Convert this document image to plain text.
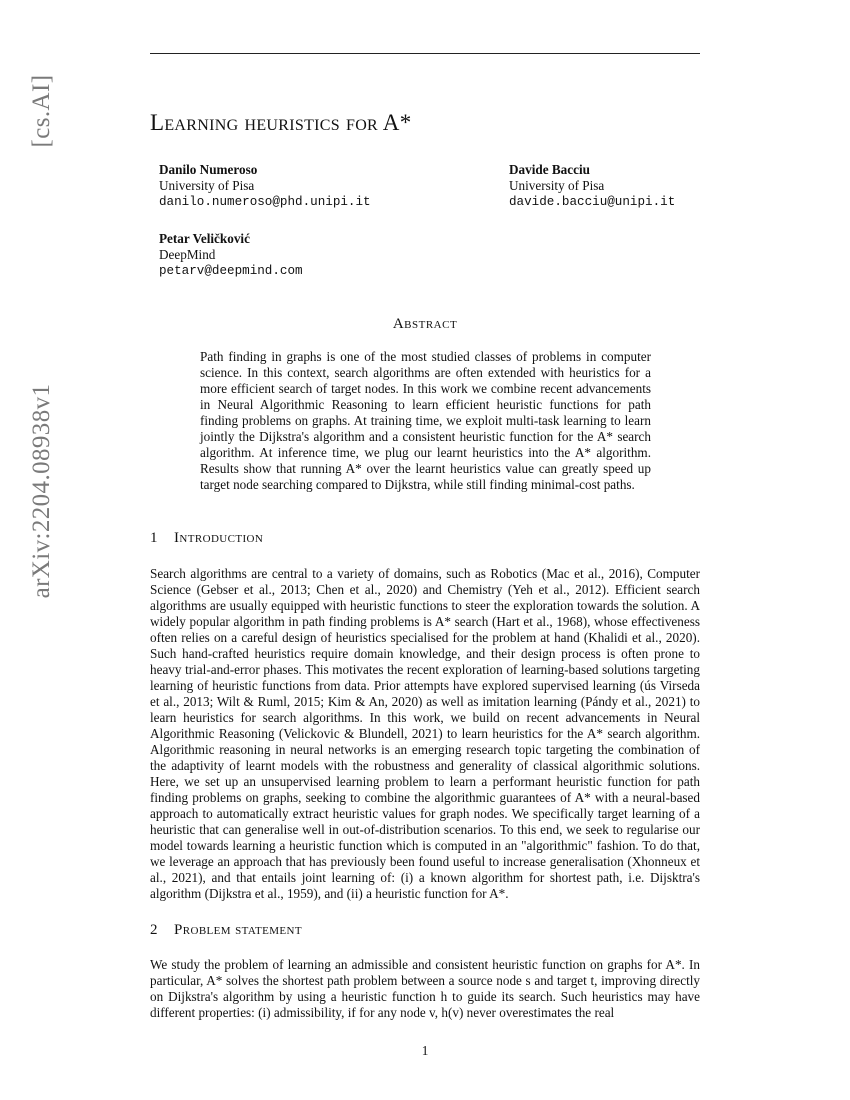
arXiv:2204.08938v1[cs.AI]	Learning heuristics for A*
Danilo Numeroso
University of Pisa
danilo.numeroso@phd.unipi.it
Davide Bacciu
University of Pisa
davide.bacciu@unipi.it
Petar Veličković
DeepMind
petarv@deepmind.com
Abstract
Path finding in graphs is one of the most studied classes of problems in computer science. In this context, search algorithms are often extended with heuristics for a more efficient search of target nodes. In this work we combine recent advancements in Neural Algorithmic Reasoning to learn efficient heuristic functions for path finding problems on graphs. At training time, we exploit multi-task learning to learn jointly the Dijkstra's algorithm and a consistent heuristic function for the A* search algorithm. At inference time, we plug our learnt heuristics into the A* algorithm. Results show that running A* over the learnt heuristics value can greatly speed up target node searching compared to Dijkstra, while still finding minimal-cost paths.
1 Introduction
Search algorithms are central to a variety of domains, such as Robotics (Mac et al., 2016), Computer Science (Gebser et al., 2013; Chen et al., 2020) and Chemistry (Yeh et al., 2012). Efficient search algorithms are usually equipped with heuristic functions to steer the exploration towards the solution. A widely popular algorithm in path finding problems is A* search (Hart et al., 1968), whose effectiveness often relies on a careful design of heuristics specialised for the problem at hand (Khalidi et al., 2020). Such hand-crafted heuristics require domain knowledge, and their design process is often prone to heavy trial-and-error phases. This motivates the recent exploration of learning-based solutions targeting learning of heuristic functions from data. Prior attempts have explored supervised learning (ús Virseda et al., 2013; Wilt & Ruml, 2015; Kim & An, 2020) as well as imitation learning (Pándy et al., 2021) to learn heuristics for search algorithms. In this work, we build on recent advancements in Neural Algorithmic Reasoning (Velickovic & Blundell, 2021) to learn heuristics for the A* search algorithm. Algorithmic reasoning in neural networks is an emerging research topic targeting the combination of the adaptivity of learnt models with the robustness and generality of classical algorithmic solutions. Here, we set up an unsupervised learning problem to learn a performant heuristic function for path finding problems on graphs, seeking to combine the algorithmic guarantees of A* with a neural-based approach to automatically extract heuristic values for graph nodes. We specifically target learning of a heuristic that can generalise well in out-of-distribution scenarios. To this end, we seek to regularise our model towards learning a heuristic function which is computed in an "algorithmic" fashion. To do that, we leverage an approach that has previously been found useful to increase generalisation (Xhonneux et al., 2021), and that entails joint learning of: (i) a known algorithm for shortest path, i.e. Dijsktra's algorithm (Dijkstra et al., 1959), and (ii) a heuristic function for A*.
2 Problem statement
We study the problem of learning an admissible and consistent heuristic function on graphs for A*. In particular, A* solves the shortest path problem between a source node s and target t, improving directly on Dijkstra's algorithm by using a heuristic function h to guide its search. Such heuristics may have different properties: (i) admissibility, if for any node v, h(v) never overestimates the real
1
